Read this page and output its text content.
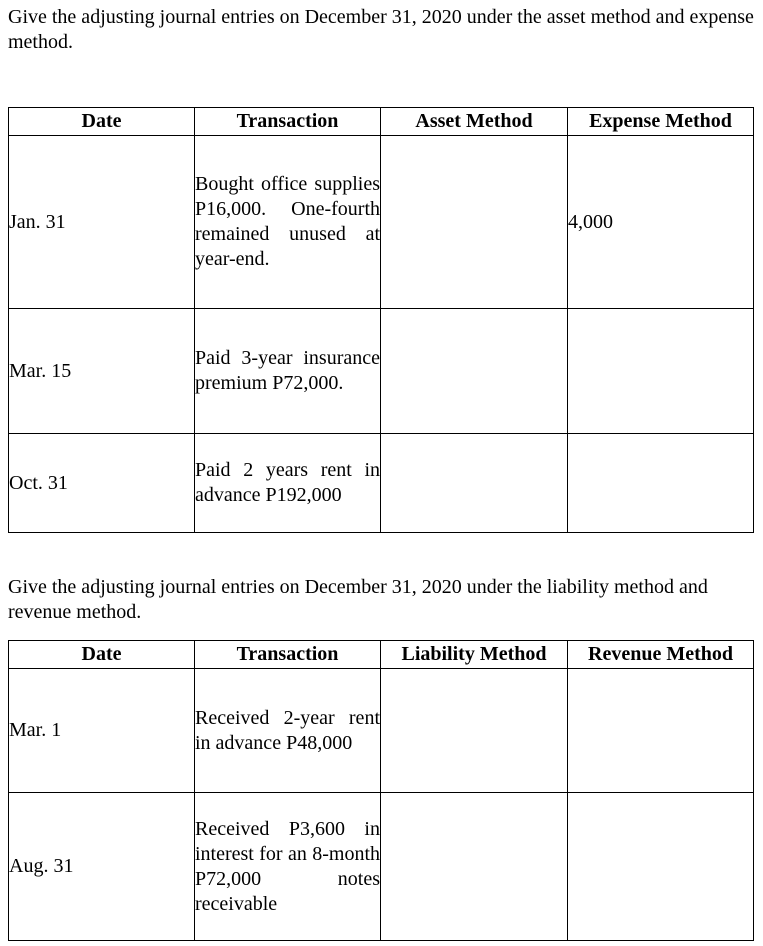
Give the adjusting journal entries on December 31, 2020 under the asset method and expense method.

Date	Transaction	Asset Method	Expense Method
Jan. 31	Bought office supplies P16,000. One-fourth remained unused at year-end.		4,000
Mar. 15	Paid 3-year insurance premium P72,000.		
Oct. 31	Paid 2 years rent in advance P192,000		

Give the adjusting journal entries on December 31, 2020 under the liability method and revenue method.

Date	Transaction	Liability Method	Revenue Method
Mar. 1	Received 2-year rent in advance P48,000		
Aug. 31	Received P3,600 in interest for an 8-month P72,000 notes receivable		
